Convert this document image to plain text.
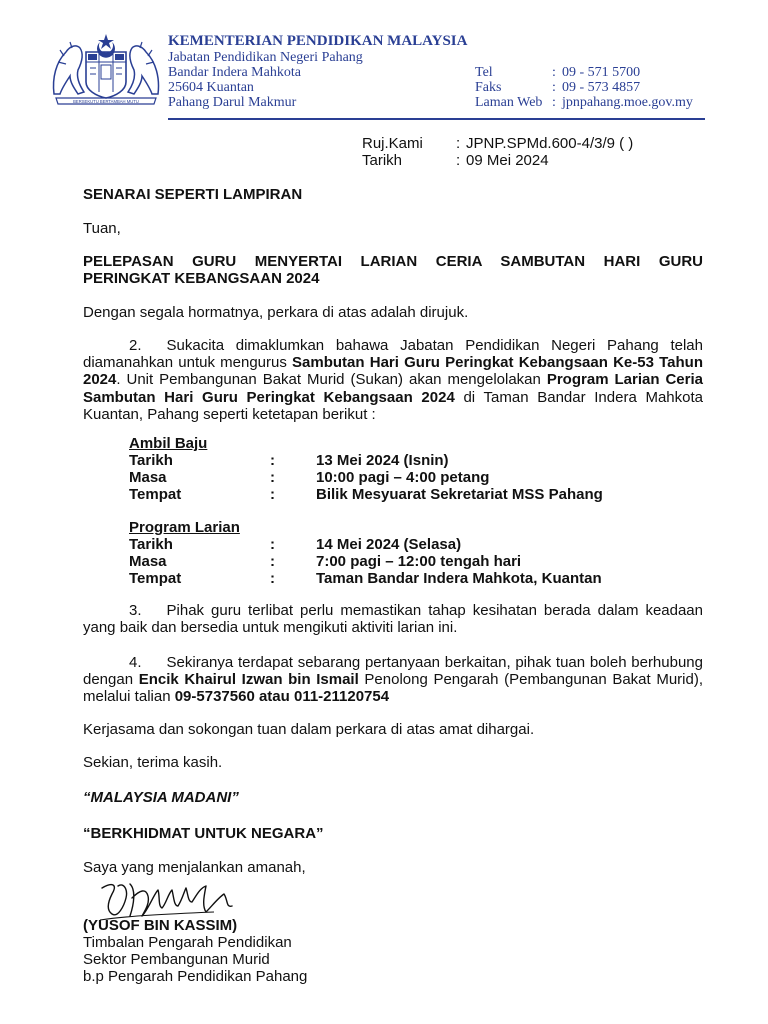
BERSEKUTU BERTAMBAH MUTU
KEMENTERIAN PENDIDIKAN MALAYSIA
Jabatan Pendidikan Negeri Pahang
Bandar Indera Mahkota
25604 Kuantan
Pahang Darul Makmur
Tel	: 09 - 571 5700
Faks	: 09 - 573 4857
Laman Web : jpnpahang.moe.gov.my
Ruj.Kami : JPNP.SPMd.600-4/3/9 ( )
Tarikh	: 09 Mei 2024
SENARAI SEPERTI LAMPIRAN
Tuan,
PELEPASAN GURU MENYERTAI LARIAN CERIA SAMBUTAN HARI GURU
PERINGKAT KEBANGSAAN 2024
Dengan segala hormatnya, perkara di atas adalah dirujuk.
2. Sukacita dimaklumkan bahawa Jabatan Pendidikan Negeri Pahang telah diamanahkan untuk mengurus Sambutan Hari Guru Peringkat Kebangsaan Ke-53 Tahun 2024. Unit Pembangunan Bakat Murid (Sukan) akan mengelolakan Program Larian Ceria Sambutan Hari Guru Peringkat Kebangsaan 2024 di Taman Bandar Indera Mahkota Kuantan, Pahang seperti ketetapan berikut :
Ambil Baju
Tarikh	:	13 Mei 2024 (Isnin)
Masa	:	10:00 pagi – 4:00 petang
Tempat	:	Bilik Mesyuarat Sekretariat MSS Pahang
Program Larian
Tarikh	:	14 Mei 2024 (Selasa)
Masa	:	7:00 pagi – 12:00 tengah hari
Tempat	:	Taman Bandar Indera Mahkota, Kuantan
3. Pihak guru terlibat perlu memastikan tahap kesihatan berada dalam keadaan yang baik dan bersedia untuk mengikuti aktiviti larian ini.
4. Sekiranya terdapat sebarang pertanyaan berkaitan, pihak tuan boleh berhubung dengan Encik Khairul Izwan bin Ismail Penolong Pengarah (Pembangunan Bakat Murid), melalui talian 09-5737560 atau 011-21120754
Kerjasama dan sokongan tuan dalam perkara di atas amat dihargai.
Sekian, terima kasih.
“MALAYSIA MADANI”
“BERKHIDMAT UNTUK NEGARA”
Saya yang menjalankan amanah,
(YUSOF BIN KASSIM)
Timbalan Pengarah Pendidikan
Sektor Pembangunan Murid
b.p Pengarah Pendidikan Pahang
